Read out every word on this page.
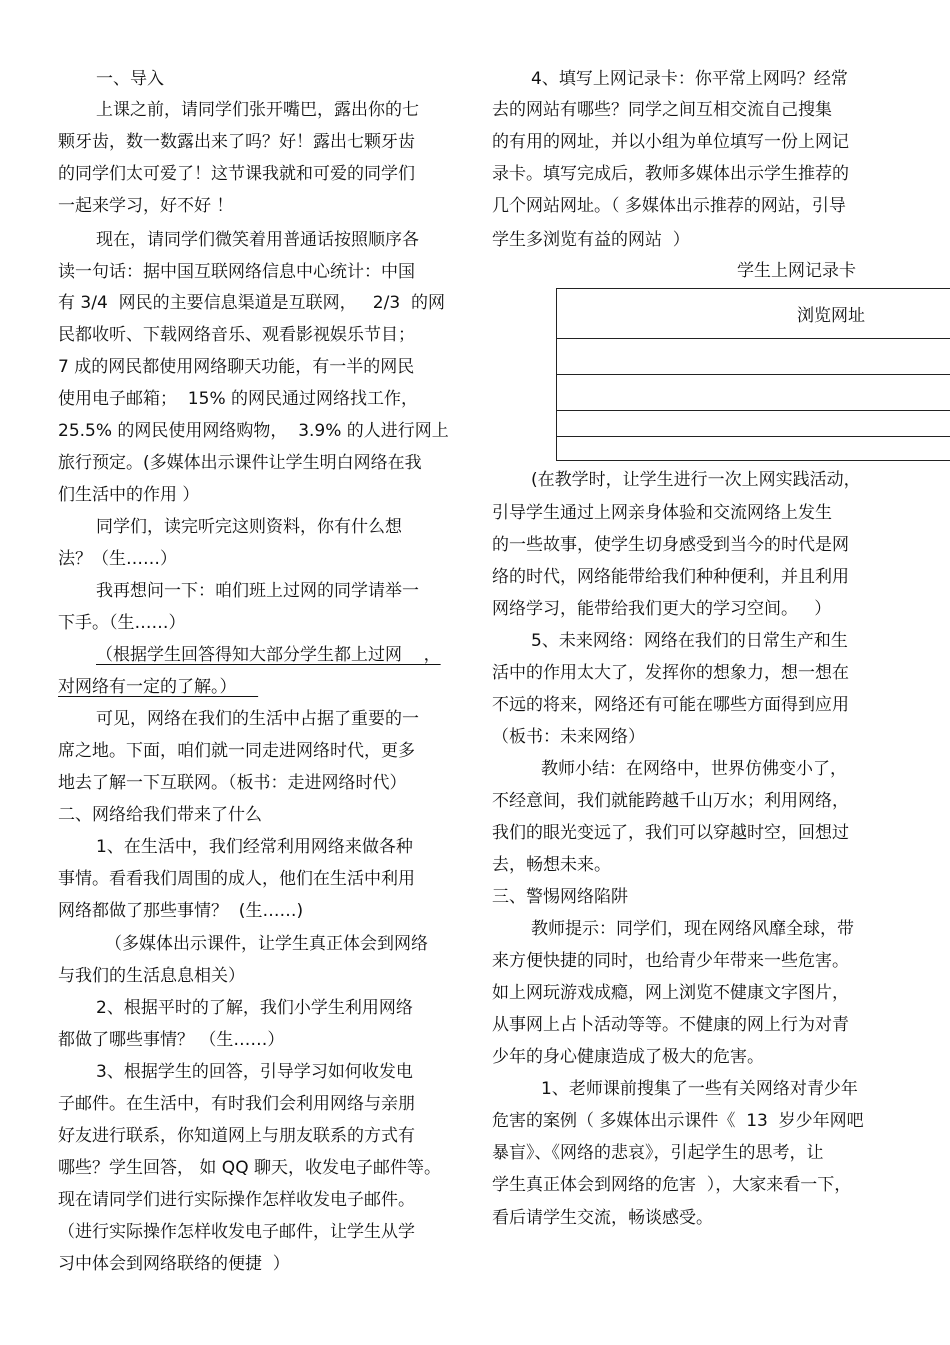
一、导入
上课之前，请同学们张开嘴巴，露出你的七
颗牙齿，数一数露出来了吗？好！露出七颗牙齿
的同学们太可爱了！这节课我就和可爱的同学们
一起来学习，好不好 ！
现在，请同学们微笑着用普通话按照顺序各
读一句话：据中国互联网络信息中心统计：中国
有 3/4  网民的主要信息渠道是互联网，   2/3  的网
民都收听、下载网络音乐、观看影视娱乐节目；
7 成的网民都使用网络聊天功能，有一半的网民
使用电子邮箱；  15% 的网民通过网络找工作，
25.5% 的网民使用网络购物，  3.9% 的人进行网上
旅行预定。(多媒体出示课件让学生明白网络在我
们生活中的作用 ）
同学们，读完听完这则资料，你有什么想
法？（生……）
我再想问一下：咱们班上过网的同学请举一
下手。（生……）
（根据学生回答得知大部分学生都上过网    ，
对网络有一定的了解。）
可见，网络在我们的生活中占据了重要的一
席之地。下面，咱们就一同走进网络时代，更多
地去了解一下互联网。（板书：走进网络时代）
二、网络给我们带来了什么
1、在生活中，我们经常利用网络来做各种
事情。看看我们周围的成人，他们在生活中利用
网络都做了那些事情？  (生……)
（多媒体出示课件，让学生真正体会到网络
与我们的生活息息相关）
2、根据平时的了解，我们小学生利用网络
都做了哪些事情？ （生……）
3、根据学生的回答，引导学习如何收发电
子邮件。在生活中，有时我们会利用网络与亲朋
好友进行联系，你知道网上与朋友联系的方式有
哪些？学生回答， 如 QQ 聊天，收发电子邮件等。
现在请同学们进行实际操作怎样收发电子邮件。
（进行实际操作怎样收发电子邮件，让学生从学
习中体会到网络联络的便捷  ）
4、填写上网记录卡：你平常上网吗？经常
去的网站有哪些？同学之间互相交流自己搜集
的有用的网址，并以小组为单位填写一份上网记
录卡。填写完成后，教师多媒体出示学生推荐的
几个网站网址。（ 多媒体出示推荐的网站，引导
学生多浏览有益的网站  ）
学生上网记录卡
浏览网址

(在教学时，让学生进行一次上网实践活动，
引导学生通过上网亲身体验和交流网络上发生
的一些故事，使学生切身感受到当今的时代是网
络的时代，网络能带给我们种种便利，并且利用
网络学习，能带给我们更大的学习空间。   ）
5、未来网络：网络在我们的日常生产和生
活中的作用太大了，发挥你的想象力，想一想在
不远的将来，网络还有可能在哪些方面得到应用
（板书：未来网络）
教师小结：在网络中，世界仿佛变小了，
不经意间，我们就能跨越千山万水；利用网络，
我们的眼光变远了，我们可以穿越时空，回想过
去，畅想未来。
三、警惕网络陷阱
教师提示：同学们，现在网络风靡全球，带
来方便快捷的同时，也给青少年带来一些危害。
如上网玩游戏成瘾，网上浏览不健康文字图片，
从事网上占卜活动等等。不健康的网上行为对青
少年的身心健康造成了极大的危害。
1、老师课前搜集了一些有关网络对青少年
危害的案例（ 多媒体出示课件《  13  岁少年网吧
暴盲》、《网络的悲哀》，引起学生的思考，让
学生真正体会到网络的危害  ），大家来看一下，
看后请学生交流，畅谈感受。
